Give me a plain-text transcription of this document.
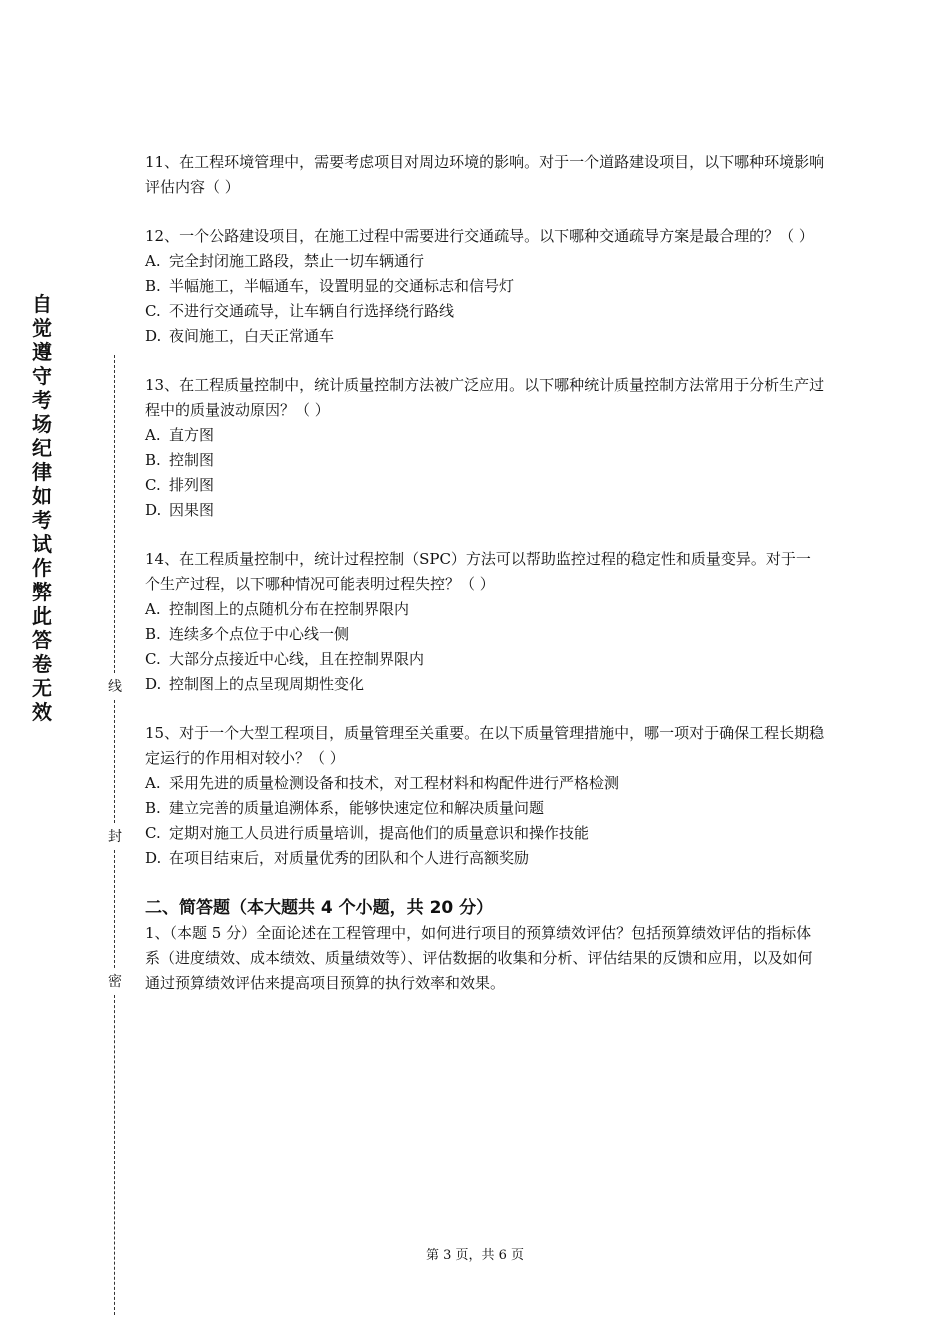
自
觉
遵
守
考
场
纪
律
如
考
试
作
弊
此
答
卷
无
效
线
封
密

11、在工程环境管理中，需要考虑项目对周边环境的影响。对于一个道路建设项目，以下哪种环境影响评估内容（ ）

12、一个公路建设项目，在施工过程中需要进行交通疏导。以下哪种交通疏导方案是最合理的？（ ）

A. 完全封闭施工路段，禁止一切车辆通行
B. 半幅施工，半幅通车，设置明显的交通标志和信号灯
C. 不进行交通疏导，让车辆自行选择绕行路线
D. 夜间施工，白天正常通车

13、在工程质量控制中，统计质量控制方法被广泛应用。以下哪种统计质量控制方法常用于分析生产过程中的质量波动原因？（ ）

A. 直方图
B. 控制图
C. 排列图
D. 因果图

14、在工程质量控制中，统计过程控制（SPC）方法可以帮助监控过程的稳定性和质量变异。对于一个生产过程，以下哪种情况可能表明过程失控？（ ）

A. 控制图上的点随机分布在控制界限内
B. 连续多个点位于中心线一侧
C. 大部分点接近中心线，且在控制界限内
D. 控制图上的点呈现周期性变化

15、对于一个大型工程项目，质量管理至关重要。在以下质量管理措施中，哪一项对于确保工程长期稳定运行的作用相对较小？（ ）

A. 采用先进的质量检测设备和技术，对工程材料和构配件进行严格检测
B. 建立完善的质量追溯体系，能够快速定位和解决质量问题
C. 定期对施工人员进行质量培训，提高他们的质量意识和操作技能
D. 在项目结束后，对质量优秀的团队和个人进行高额奖励

二、简答题（本大题共 4 个小题，共 20 分）

1、（本题 5 分）全面论述在工程管理中，如何进行项目的预算绩效评估？包括预算绩效评估的指标体系（进度绩效、成本绩效、质量绩效等）、评估数据的收集和分析、评估结果的反馈和应用，以及如何通过预算绩效评估来提高项目预算的执行效率和效果。

第 3 页，共 6 页
